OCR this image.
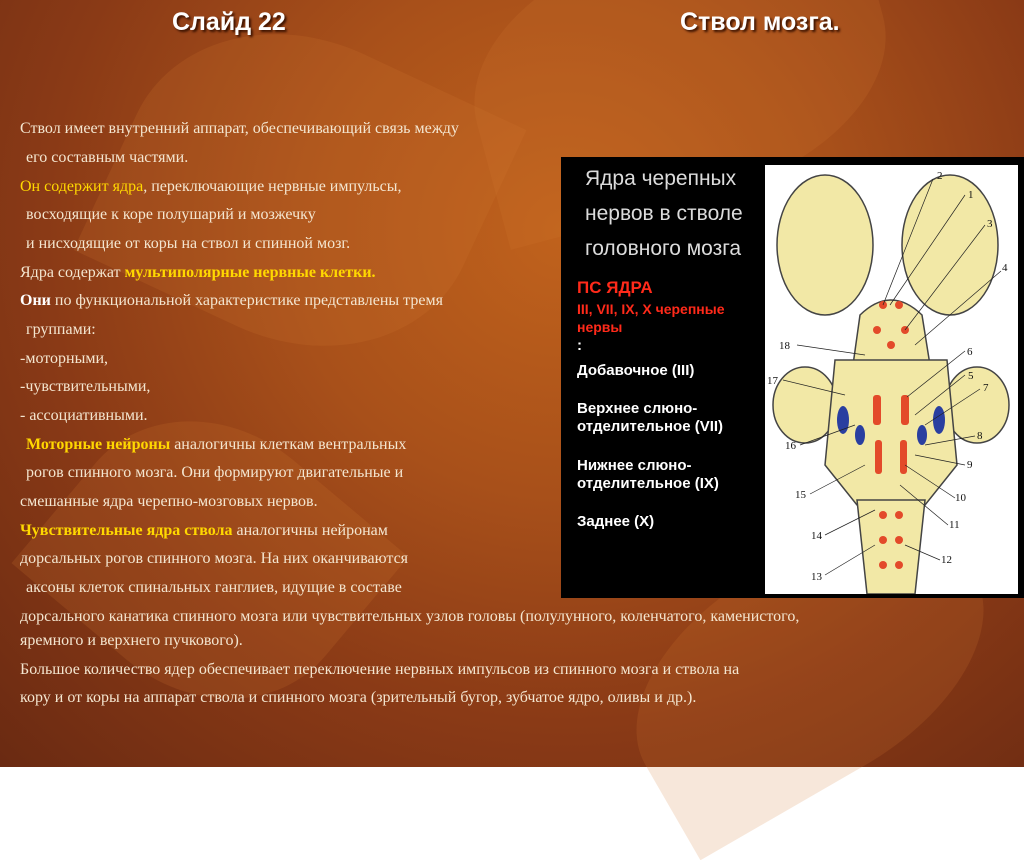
Слайд 22	Ствол мозга.
Ствол имеет внутренний аппарат, обеспечивающий связь между
его составным частями.
Он содержит ядра, переключающие нервные импульсы,
восходящие к коре полушарий и мозжечку
и нисходящие от коры на ствол и спинной мозг.
Ядра содержат мультиполярные нервные клетки.
Они по функциональной характеристике представлены тремя
группами:
-моторными,
-чувствительными,
- ассоциативными.
Моторные нейроны аналогичны клеткам вентральных
рогов спинного мозга. Они формируют двигательные и
смешанные ядра черепно-мозговых нервов.
Чувствительные ядра ствола аналогичны нейронам
дорсальных рогов спинного мозга. На них оканчиваются
аксоны клеток спинальных ганглиев, идущие в составе
дорсального канатика спинного мозга или чувствительных узлов головы (полулунного, коленчатого, каменистого,
яремного и верхнего пучкового).
Большое количество ядер обеспечивает переключение нервных импульсов из спинного мозга и ствола на
кору и от коры на аппарат ствола и спинного мозга (зрительный бугор, зубчатое ядро, оливы и др.).
Ядра черепных нервов в стволе головного мозга
ПС ЯДРА
III, VII, IX, X черепные нервы
:
Добавочное (III)
Верхнее слюно-отделительное (VII)
Нижнее слюно-отделительное (IX)
Заднее (X)
2
1
3
4
6
5
7
8
9
10
11
12
13
14
15
16
17
18
